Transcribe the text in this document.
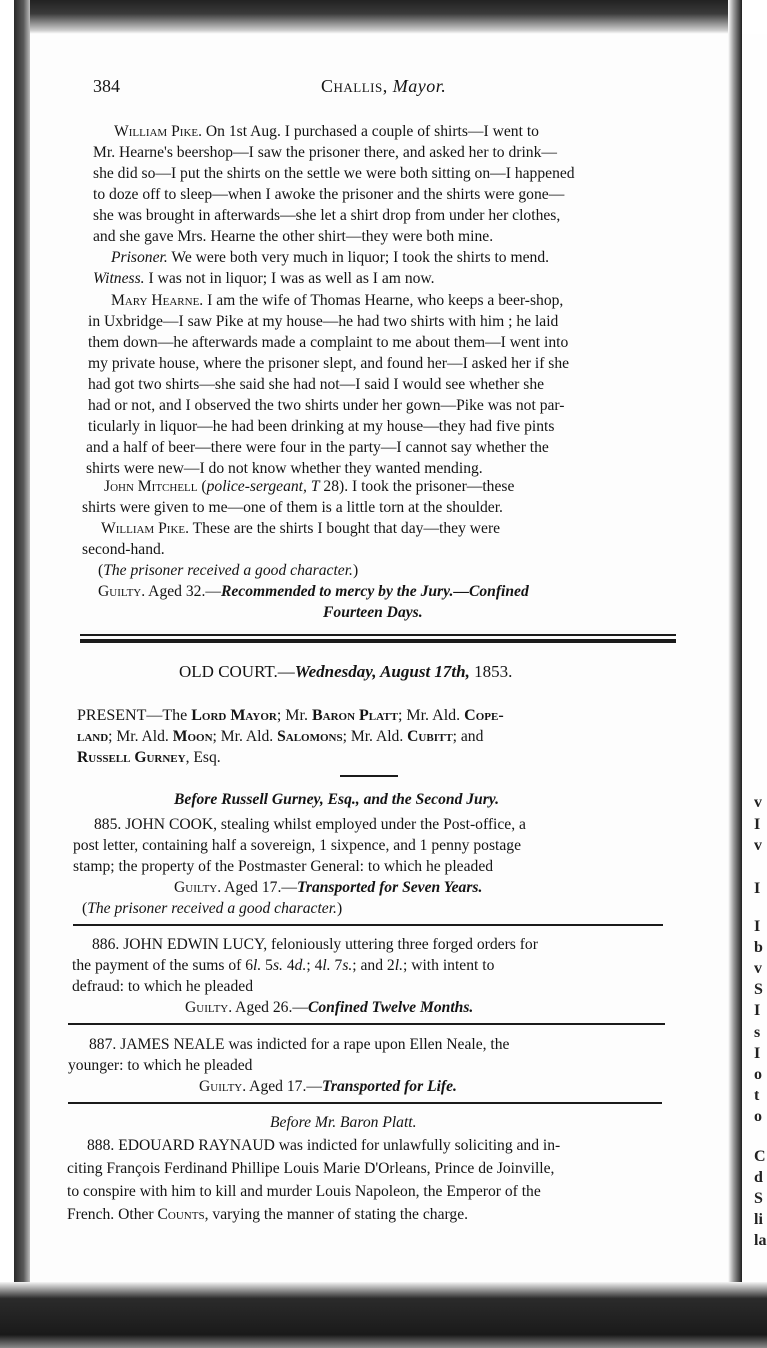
v
I
v
I
I
b
v
S
I
s
I
o
t
o
C
d
S
li
la
384	Challis, Mayor.
William Pike. On 1st Aug. I purchased a couple of shirts—I went to
Mr. Hearne's beershop—I saw the prisoner there, and asked her to drink—
she did so—I put the shirts on the settle we were both sitting on—I happened
to doze off to sleep—when I awoke the prisoner and the shirts were gone—
she was brought in afterwards—she let a shirt drop from under her clothes,
and she gave Mrs. Hearne the other shirt—they were both mine.
Prisoner. We were both very much in liquor; I took the shirts to mend.
Witness. I was not in liquor; I was as well as I am now.
Mary Hearne. I am the wife of Thomas Hearne, who keeps a beer-shop,
in Uxbridge—I saw Pike at my house—he had two shirts with him ; he laid
them down—he afterwards made a complaint to me about them—I went into
my private house, where the prisoner slept, and found her—I asked her if she
had got two shirts—she said she had not—I said I would see whether she
had or not, and I observed the two shirts under her gown—Pike was not par-
ticularly in liquor—he had been drinking at my house—they had five pints
and a half of beer—there were four in the party—I cannot say whether the
shirts were new—I do not know whether they wanted mending.
John Mitchell (police-sergeant, T 28). I took the prisoner—these
shirts were given to me—one of them is a little torn at the shoulder.
William Pike. These are the shirts I bought that day—they were
second-hand.
(The prisoner received a good character.)
Guilty. Aged 32.—Recommended to mercy by the Jury.—Confined
Fourteen Days.
OLD COURT.—Wednesday, August 17th, 1853.
PRESENT—The Lord Mayor; Mr. Baron Platt; Mr. Ald. Cope-
land; Mr. Ald. Moon; Mr. Ald. Salomons; Mr. Ald. Cubitt; and
Russell Gurney, Esq.
Before Russell Gurney, Esq., and the Second Jury.
885. JOHN COOK, stealing whilst employed under the Post-office, a
post letter, containing half a sovereign, 1 sixpence, and 1 penny postage
stamp; the property of the Postmaster General: to which he pleaded
Guilty. Aged 17.—Transported for Seven Years.
(The prisoner received a good character.)
886. JOHN EDWIN LUCY, feloniously uttering three forged orders for
the payment of the sums of 6l. 5s. 4d.; 4l. 7s.; and 2l.; with intent to
defraud: to which he pleaded
Guilty. Aged 26.—Confined Twelve Months.
887. JAMES NEALE was indicted for a rape upon Ellen Neale, the
younger: to which he pleaded
Guilty. Aged 17.—Transported for Life.
Before Mr. Baron Platt.
888. EDOUARD RAYNAUD was indicted for unlawfully soliciting and in-
citing François Ferdinand Phillipe Louis Marie D'Orleans, Prince de Joinville,
to conspire with him to kill and murder Louis Napoleon, the Emperor of the
French. Other Counts, varying the manner of stating the charge.
